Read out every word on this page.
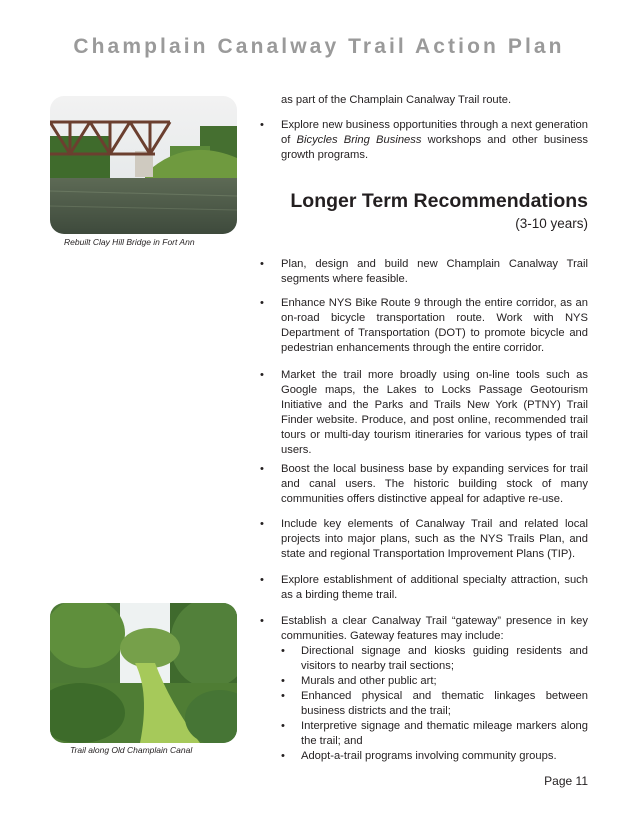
Champlain Canalway Trail Action Plan
Rebuilt Clay Hill Bridge in Fort Ann
Trail along Old Champlain Canal
as part of the Champlain Canalway Trail route.
• Explore new business opportunities through a next generation of Bicycles Bring Business workshops and other business growth programs.
Longer Term Recommendations
(3-10 years)
• Plan, design and build new Champlain Canalway Trail segments where feasible.
• Enhance NYS Bike Route 9 through the entire corridor, as an on-road bicycle transportation route. Work with NYS Department of Transportation (DOT) to promote bicycle and pedestrian enhancements through the entire corridor.
• Market the trail more broadly using on-line tools such as Google maps, the Lakes to Locks Passage Geotourism Initiative and the Parks and Trails New York (PTNY) Trail Finder website. Produce, and post online, recommended trail tours or multi-day tourism itineraries for various types of trail users.
• Boost the local business base by expanding services for trail and canal users. The historic building stock of many communities offers distinctive appeal for adaptive re-use.
• Include key elements of Canalway Trail and related local projects into major plans, such as the NYS Trails Plan, and state and regional Transportation Improvement Plans (TIP).
• Explore establishment of additional specialty attraction, such as a birding theme trail.
• Establish a clear Canalway Trail “gateway” presence in key communities. Gateway features may include:
• Directional signage and kiosks guiding residents and visitors to nearby trail sections;
• Murals and other public art;
• Enhanced physical and thematic linkages between business districts and the trail;
• Interpretive signage and thematic mileage markers along the trail; and
• Adopt-a-trail programs involving community groups.
Page 11
